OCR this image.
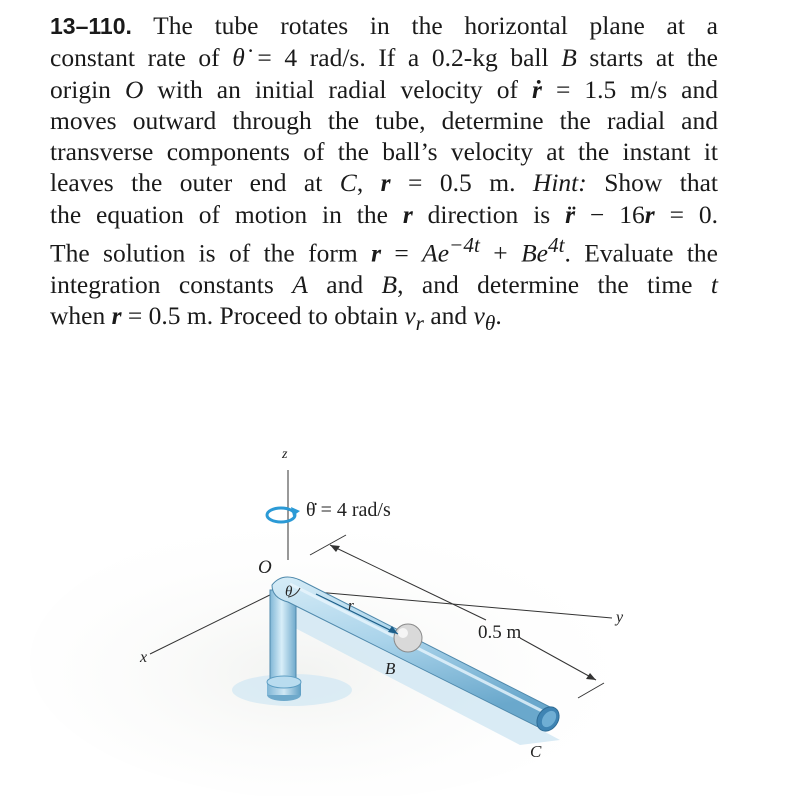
13–110. The tube rotates in the horizontal plane at a
constant rate of θ̇ = 4 rad/s. If a 0.2-kg ball B starts at the
origin O with an initial radial velocity of ṙ = 1.5 m/s and
moves outward through the tube, determine the radial and
transverse components of the ball’s velocity at the instant it
leaves the outer end at C, r = 0.5 m. Hint: Show that
the equation of motion in the r direction is r̈ − 16r = 0.
The solution is of the form $r = Ae^{-4t} + Be^{4t}$. Evaluate the
integration constants A and B, and determine the time t
when r = 0.5 m. Proceed to obtain $v_r$ and $v_\theta$.
z
θ̇ = 4 rad/s
O
θ
r
x
y
0.5 m
B
C
